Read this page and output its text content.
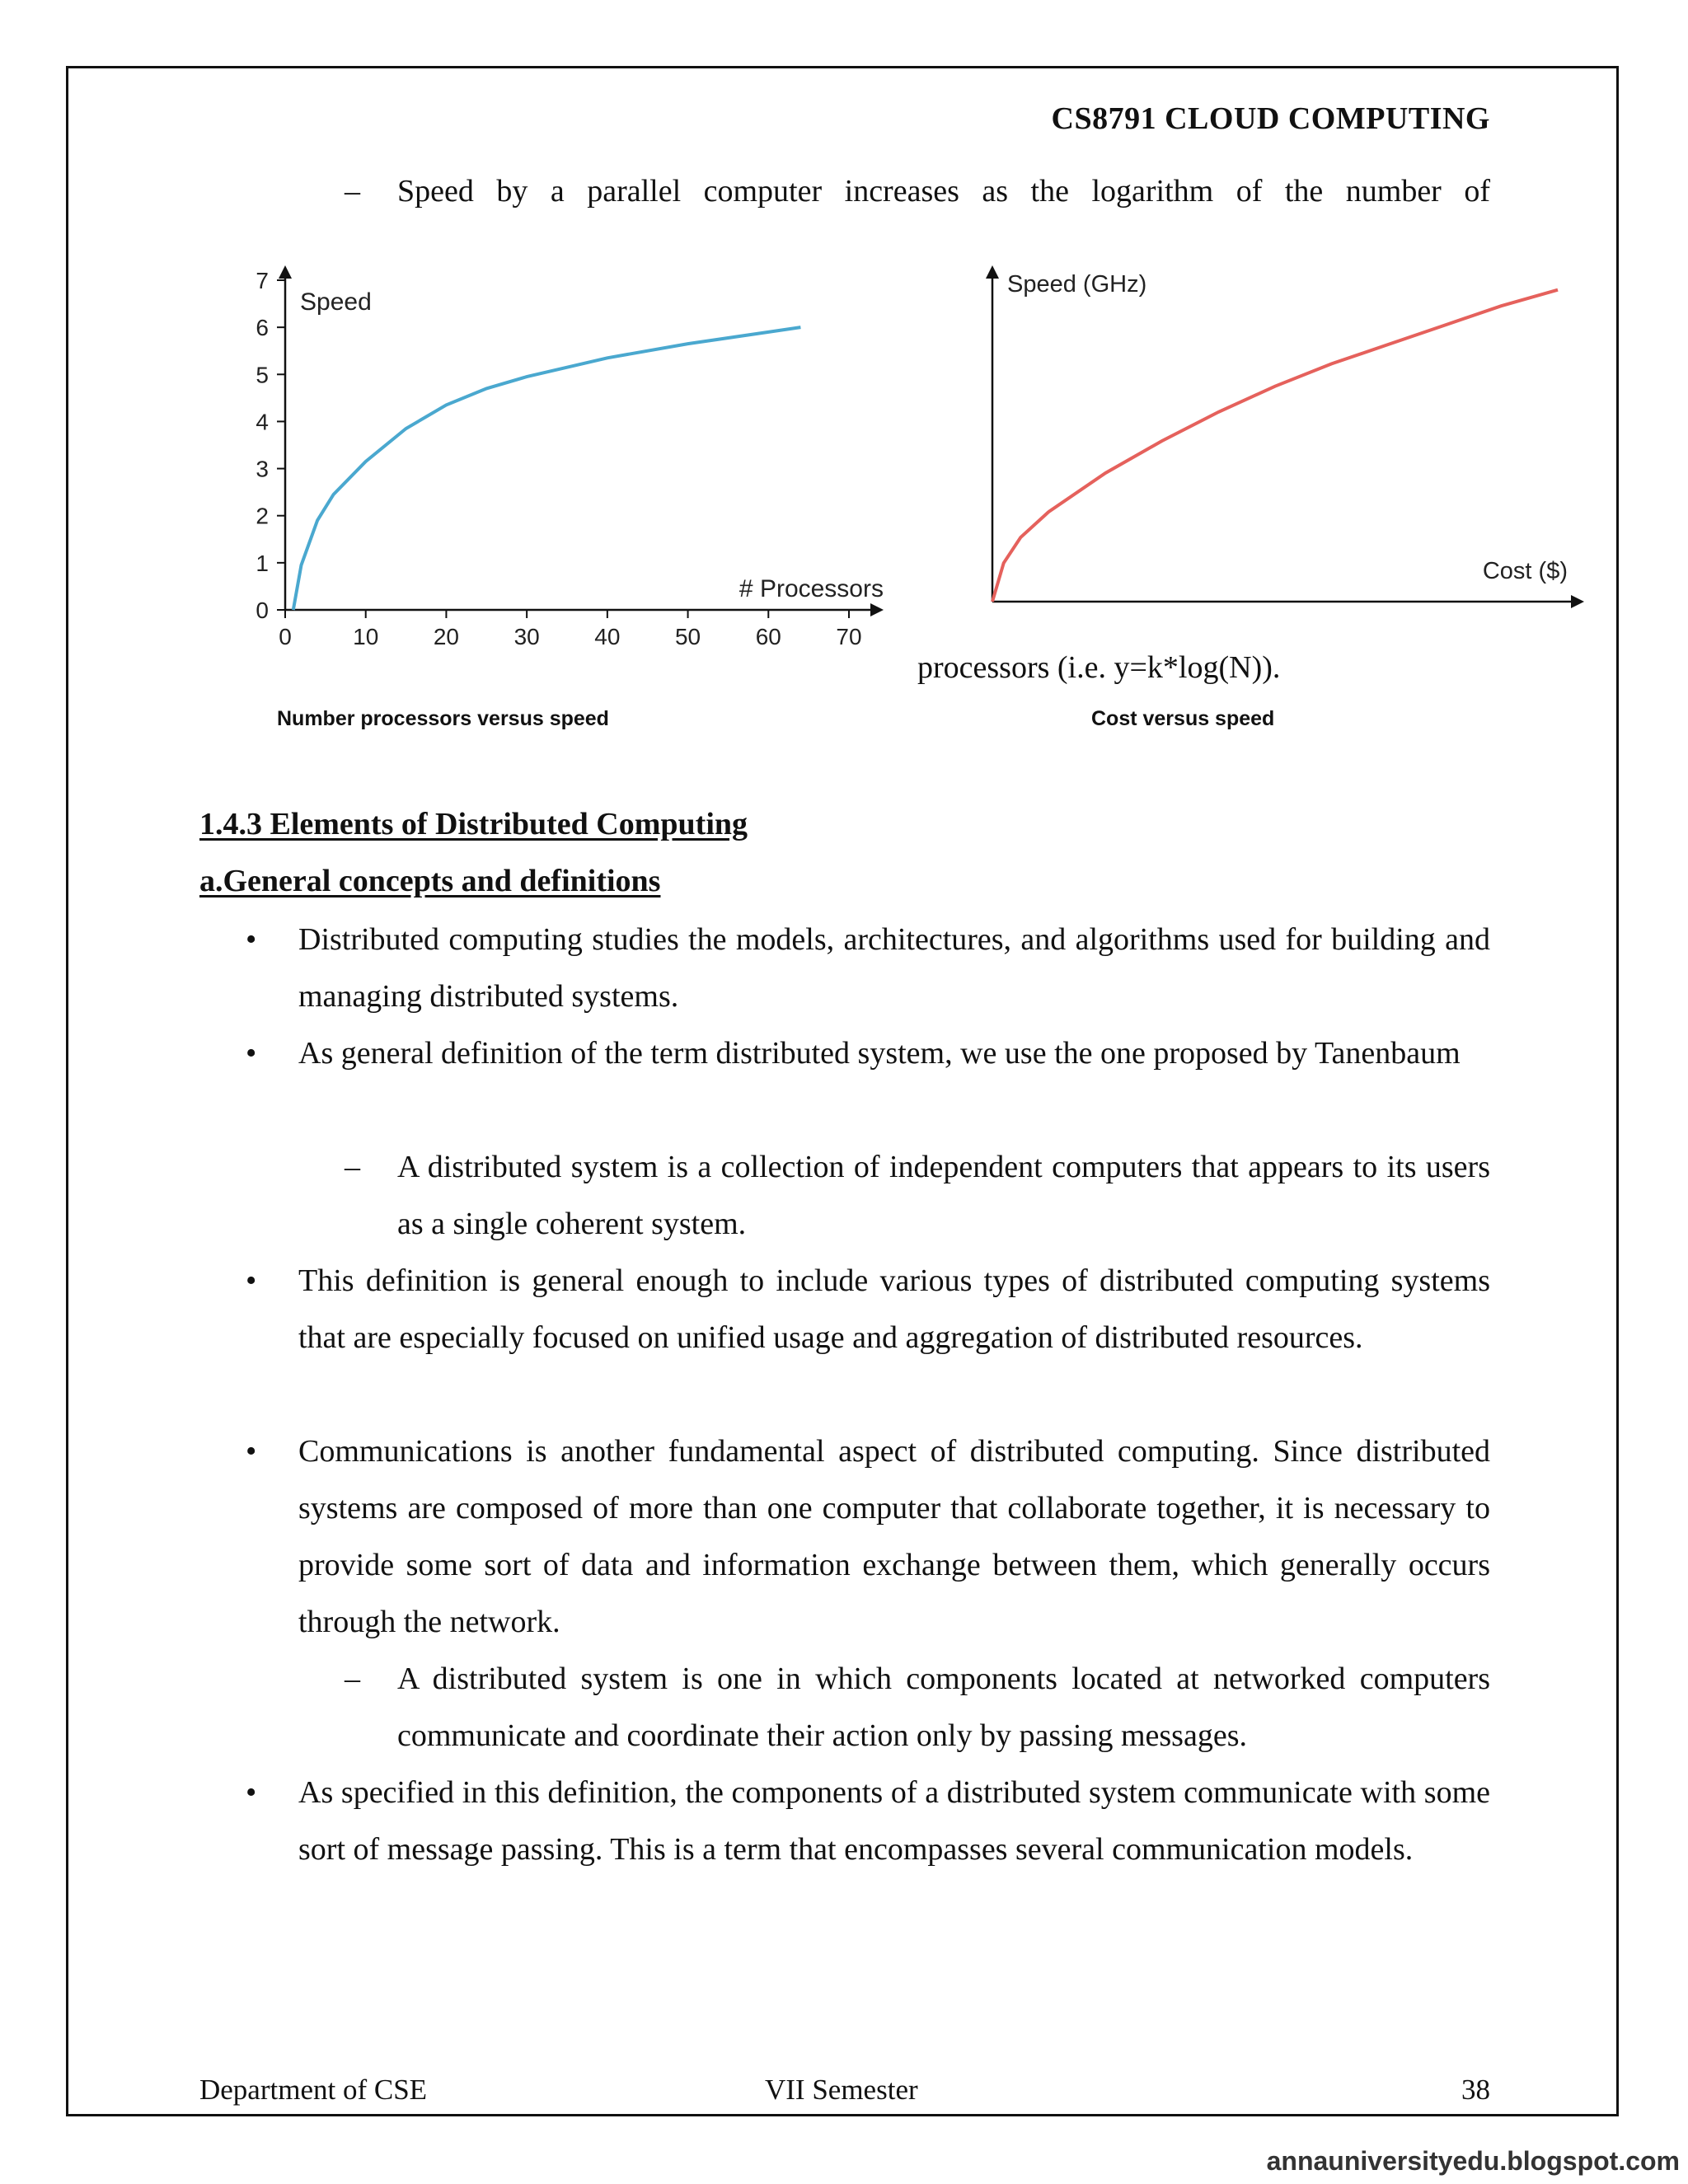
CS8791 CLOUD COMPUTING
– Speed by a parallel computer increases as the logarithm of the number of
0	10 20 30 40 50 60 70
0
1
2
3
4
5
6
7
Speed
# Processors
Speed (GHz)
Cost ($)
processors (i.e. y=k*log(N)).
Number processors versus speed	Cost versus speed
1.4.3 Elements of Distributed Computing
a.General concepts and definitions
• Distributed computing studies the models, architectures, and algorithms used for building and managing distributed systems.
• As general definition of the term distributed system, we use the one proposed by Tanenbaum
– A distributed system is a collection of independent computers that appears to its users as a single coherent system.
• This definition is general enough to include various types of distributed computing systems that are especially focused on unified usage and aggregation of distributed resources.
• Communications is another fundamental aspect of distributed computing. Since distributed systems are composed of more than one computer that collaborate together, it is necessary to provide some sort of data and information exchange between them, which generally occurs through the network.
– A distributed system is one in which components located at networked computers communicate and coordinate their action only by passing messages.
• As specified in this definition, the components of a distributed system communicate with some sort of message passing. This is a term that encompasses several communication models.
Department of CSE	VII Semester	38
annauniversityedu.blogspot.com
